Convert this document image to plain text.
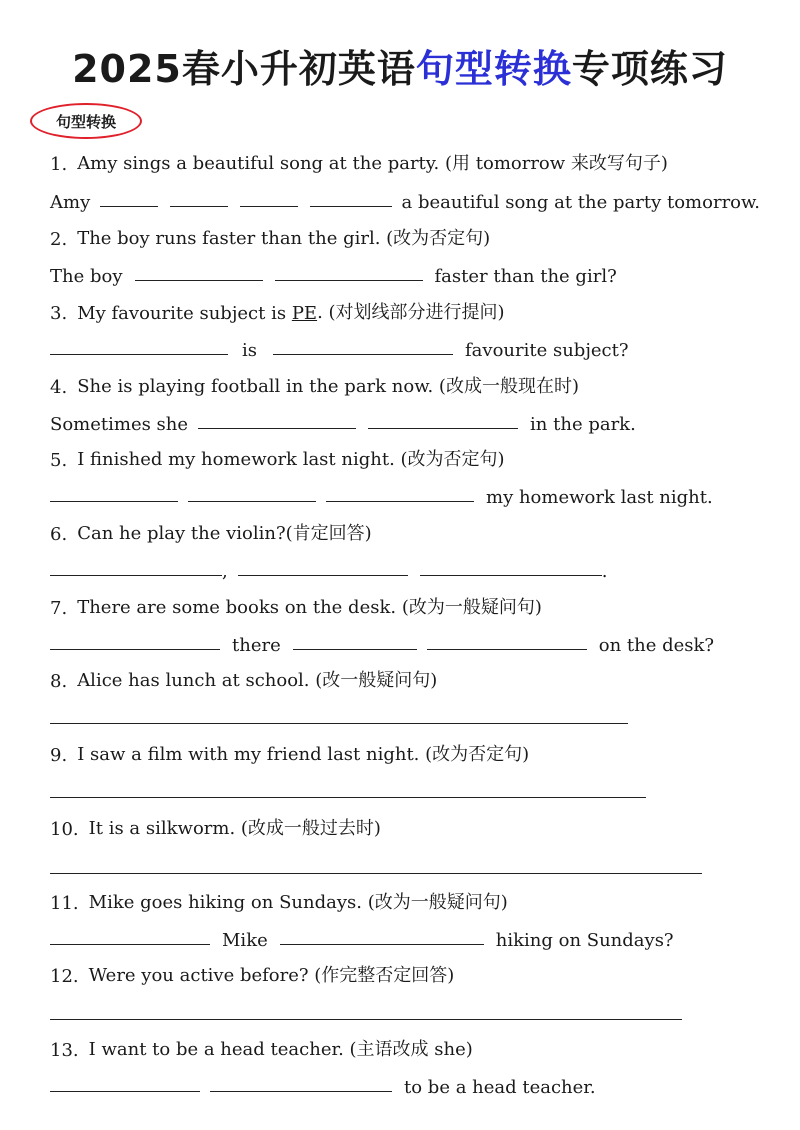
2025春小升初英语句型转换专项练习
句型转换
1. Amy sings a beautiful song at the party. (用 tomorrow 来改写句子)
Amy	a beautiful song at the party tomorrow.
2. The boy runs faster than the girl. (改为否定句)
The boy	faster than the girl?
3. My favourite subject is PE . (对划线部分进行提问)
is	favourite subject?
4. She is playing football in the park now. (改成一般现在时)
Sometimes she	in the park.
5. I finished my homework last night. (改为否定句)
my homework last night.
6. Can he play the violin?(肯定回答)
,	.
7. There are some books on the desk. (改为一般疑问句)
there	on the desk?
8. Alice has lunch at school. (改一般疑问句)
9. I saw a film with my friend last night. (改为否定句)
10. It is a silkworm. (改成一般过去时)
11. Mike goes hiking on Sundays. (改为一般疑问句)
Mike	hiking on Sundays?
12. Were you active before? (作完整否定回答)
13. I want to be a head teacher. (主语改成 she)
to be a head teacher.
